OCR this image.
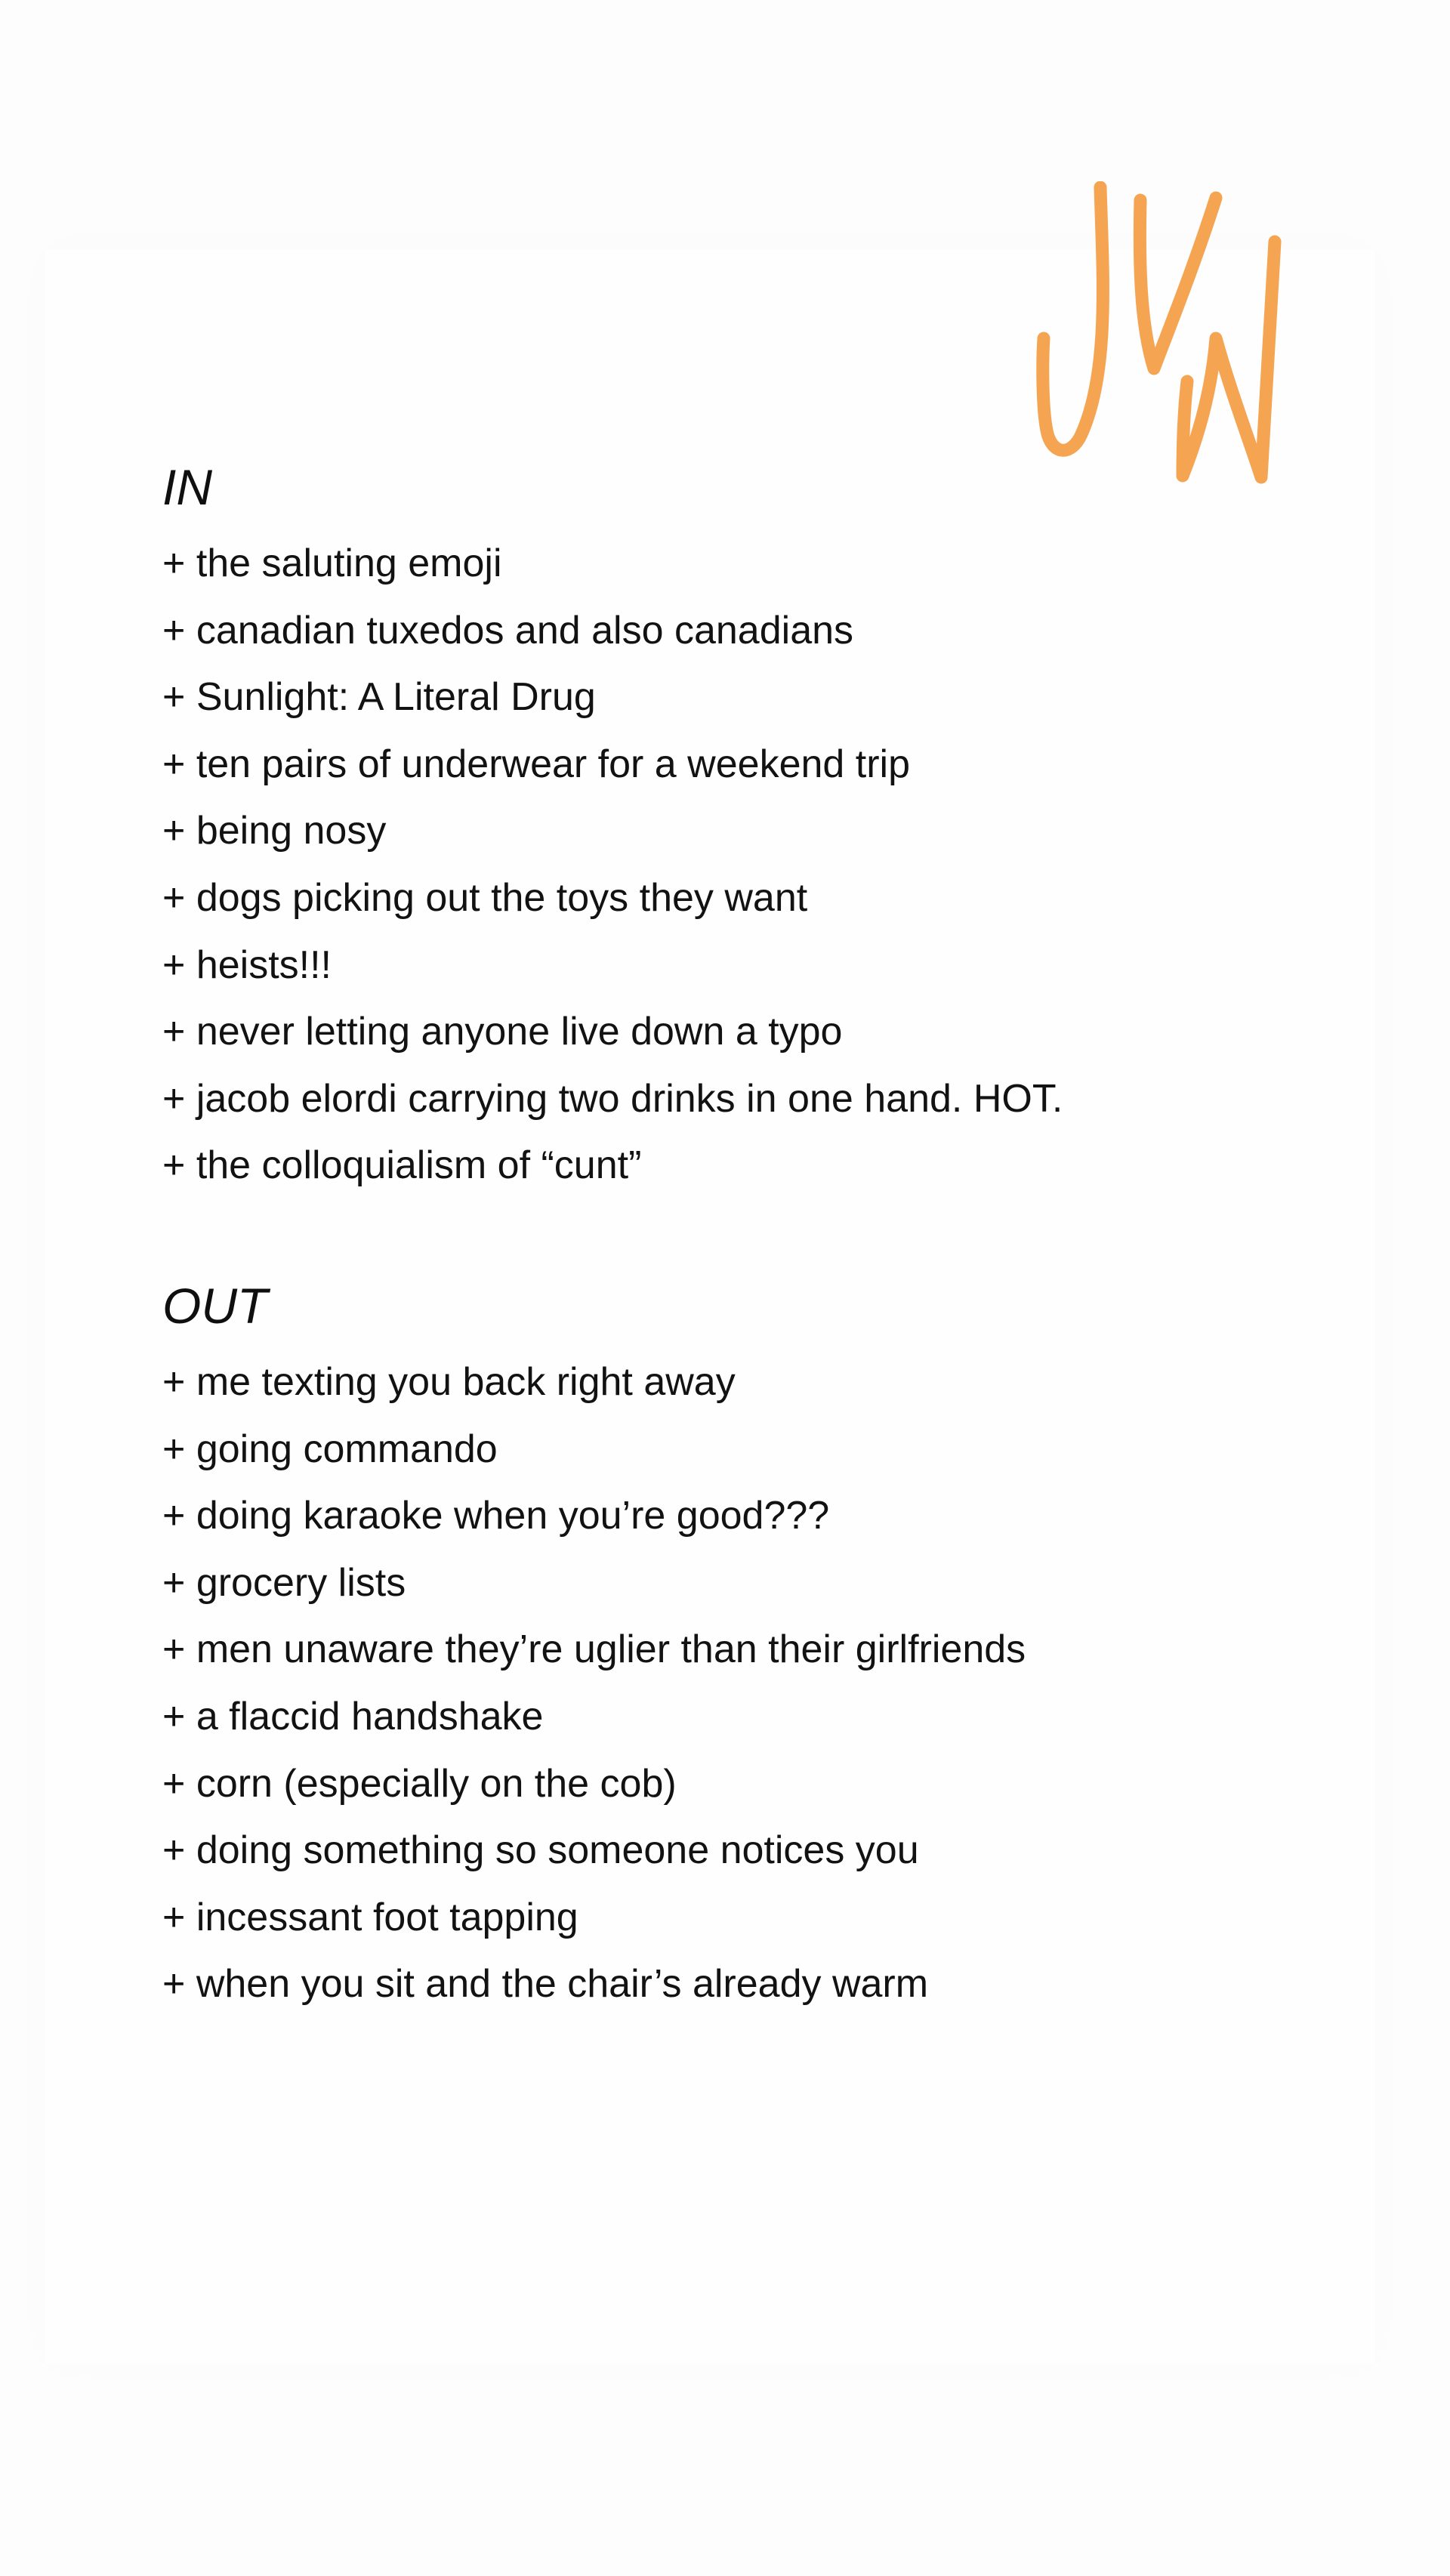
IN
+ the saluting emoji
+ canadian tuxedos and also canadians
+ Sunlight: A Literal Drug
+ ten pairs of underwear for a weekend trip
+ being nosy
+ dogs picking out the toys they want
+ heists!!!
+ never letting anyone live down a typo
+ jacob elordi carrying two drinks in one hand. HOT.
+ the colloquialism of “cunt”
OUT
+ me texting you back right away
+ going commando
+ doing karaoke when you’re good???
+ grocery lists
+ men unaware they’re uglier than their girlfriends
+ a flaccid handshake
+ corn (especially on the cob)
+ doing something so someone notices you
+ incessant foot tapping
+ when you sit and the chair’s already warm
